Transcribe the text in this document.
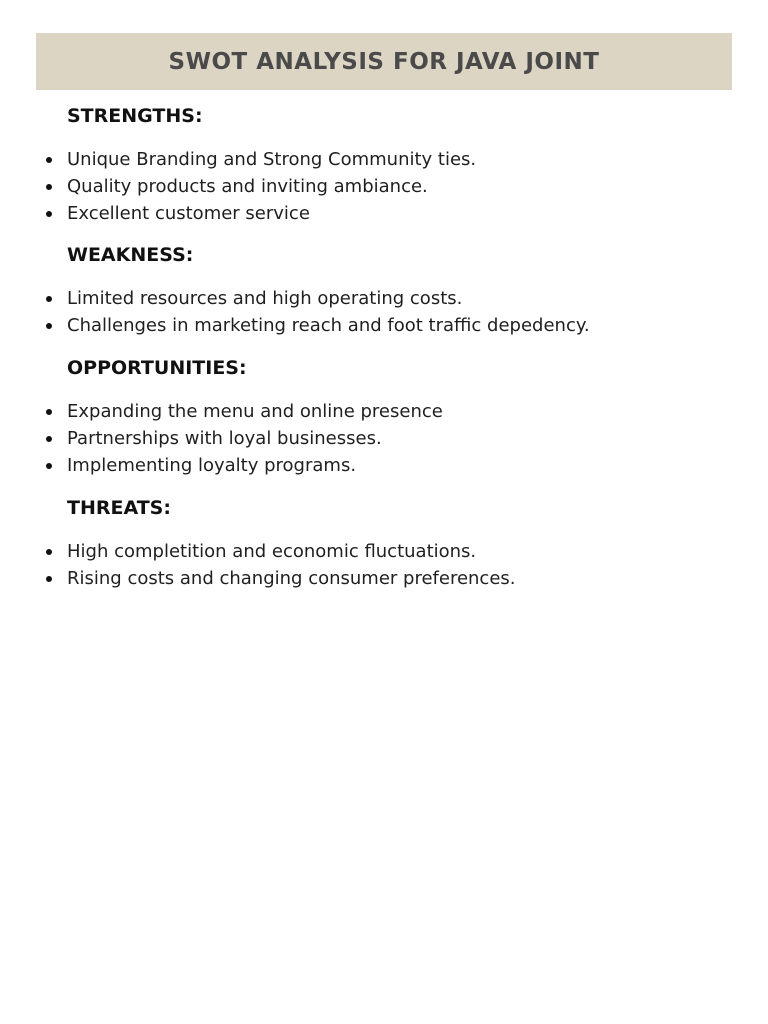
SWOT ANALYSIS FOR JAVA JOINT
STRENGTHS:
Unique Branding and Strong Community ties.
Quality products and inviting ambiance.
Excellent customer service
WEAKNESS:
Limited resources and high operating costs.
Challenges in marketing reach and foot traffic depedency.
OPPORTUNITIES:
Expanding the menu and online presence
Partnerships with loyal businesses.
Implementing loyalty programs.
THREATS:
High completition and economic fluctuations.
Rising costs and changing consumer preferences.
